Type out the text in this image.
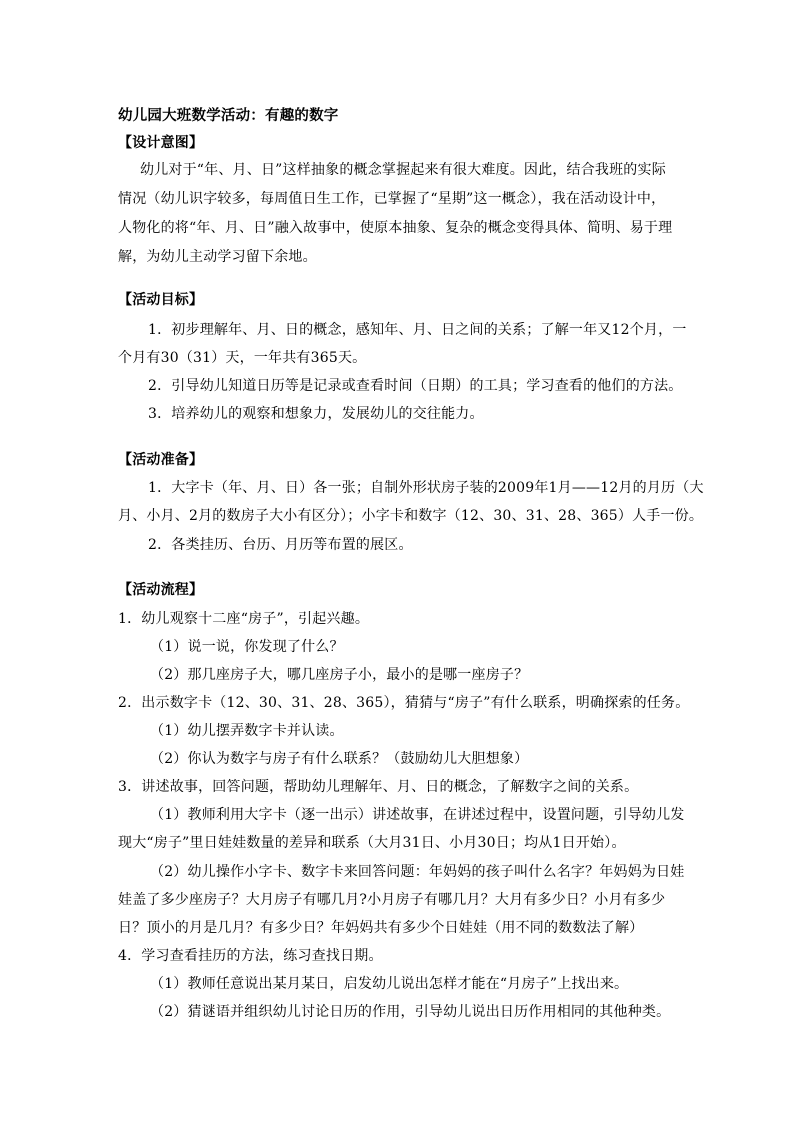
幼儿园大班数学活动：有趣的数字
【设计意图】
幼儿对于“年、月、日”这样抽象的概念掌握起来有很大难度。因此，结合我班的实际
情况（幼儿识字较多，每周值日生工作，已掌握了“星期”这一概念），我在活动设计中，
人物化的将“年、月、日”融入故事中，使原本抽象、复杂的概念变得具体、简明、易于理
解，为幼儿主动学习留下余地。
【活动目标】
1．初步理解年、月、日的概念，感知年、月、日之间的关系；了解一年又12个月，一
个月有30（31）天，一年共有365天。
2．引导幼儿知道日历等是记录或查看时间（日期）的工具；学习查看的他们的方法。
3．培养幼儿的观察和想象力，发展幼儿的交往能力。
【活动准备】
1．大字卡（年、月、日）各一张；自制外形状房子装的2009年1月——12月的月历（大
月、小月、2月的数房子大小有区分）；小字卡和数字（12、30、31、28、365）人手一份。
2．各类挂历、台历、月历等布置的展区。
【活动流程】
1．幼儿观察十二座“房子”，引起兴趣。
（1）说一说，你发现了什么？
（2）那几座房子大，哪几座房子小，最小的是哪一座房子？
2．出示数字卡（12、30、31、28、365），猜猜与“房子”有什么联系，明确探索的任务。
（1）幼儿摆弄数字卡并认读。
（2）你认为数字与房子有什么联系？（鼓励幼儿大胆想象）
3．讲述故事，回答问题，帮助幼儿理解年、月、日的概念，了解数字之间的关系。
（1）教师利用大字卡（逐一出示）讲述故事，在讲述过程中，设置问题，引导幼儿发
现大“房子”里日娃娃数量的差异和联系（大月31日、小月30日；均从1日开始）。
（2）幼儿操作小字卡、数字卡来回答问题：年妈妈的孩子叫什么名字？年妈妈为日娃
娃盖了多少座房子？大月房子有哪几月?小月房子有哪几月？大月有多少日？小月有多少
日？顶小的月是几月？有多少日？年妈妈共有多少个日娃娃（用不同的数数法了解）
4．学习查看挂历的方法，练习查找日期。
（1）教师任意说出某月某日，启发幼儿说出怎样才能在“月房子”上找出来。
（2）猜谜语并组织幼儿讨论日历的作用，引导幼儿说出日历作用相同的其他种类。
